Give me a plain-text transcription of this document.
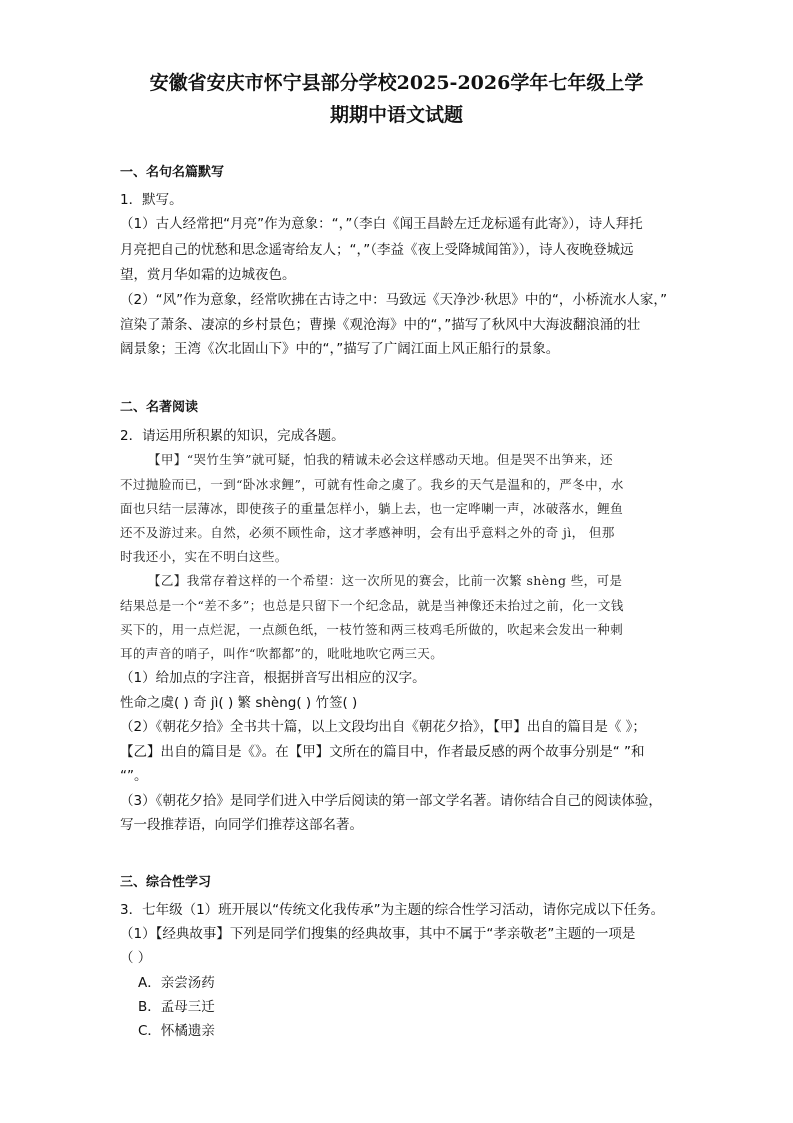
安徽省安庆市怀宁县部分学校2025-2026学年七年级上学
期期中语文试题
一、名句名篇默写
1．默写。
（1）古人经常把“月亮”作为意象：“，”（李白《闻王昌龄左迁龙标遥有此寄》），诗人拜托
月亮把自己的忧愁和思念遥寄给友人；“，”（李益《夜上受降城闻笛》），诗人夜晚登城远
望，赏月华如霜的边城夜色。
（2）“风”作为意象，经常吹拂在古诗之中：马致远《天净沙·秋思》中的“，小桥流水人家，”
渲染了萧条、凄凉的乡村景色；曹操《观沧海》中的“，”描写了秋风中大海波翻浪涌的壮
阔景象；王湾《次北固山下》中的“，”描写了广阔江面上风正船行的景象。
二、名著阅读
2．请运用所积累的知识，完成各题。
【甲】“哭竹生笋”就可疑，怕我的精诚未必会这样感动天地。但是哭不出笋来，还
不过抛脸而已，一到“卧冰求鲤”，可就有性命之虞了。我乡的天气是温和的，严冬中，水
面也只结一层薄冰，即使孩子的重量怎样小，躺上去，也一定哗喇一声，冰破落水，鲤鱼
还不及游过来。自然，必须不顾性命，这才孝感神明，会有出乎意料之外的奇 jì， 但那
时我还小，实在不明白这些。
【乙】我常存着这样的一个希望：这一次所见的赛会，比前一次繁 shèng 些，可是
结果总是一个“差不多”；也总是只留下一个纪念品，就是当神像还未抬过之前，化一文钱
买下的，用一点烂泥，一点颜色纸，一枝竹签和两三枝鸡毛所做的，吹起来会发出一种刺
耳的声音的哨子，叫作“吹都都”的，吡吡地吹它两三天。
（1）给加点的字注音，根据拼音写出相应的汉字。
性命之虞( ) 奇 jì( ) 繁 shèng( ) 竹签( )
（2）《朝花夕拾》全书共十篇，以上文段均出自《朝花夕拾》，【甲】出自的篇目是《 》；
【乙】出自的篇目是《》。在【甲】文所在的篇目中，作者最反感的两个故事分别是“ ”和
“”。
（3）《朝花夕拾》是同学们进入中学后阅读的第一部文学名著。请你结合自己的阅读体验，
写一段推荐语，向同学们推荐这部名著。
三、综合性学习
3．七年级（1）班开展以“传统文化我传承”为主题的综合性学习活动，请你完成以下任务。
（1）【经典故事】下列是同学们搜集的经典故事，其中不属于“孝亲敬老”主题的一项是
（ ）
A．亲尝汤药
B．孟母三迁
C．怀橘遗亲
